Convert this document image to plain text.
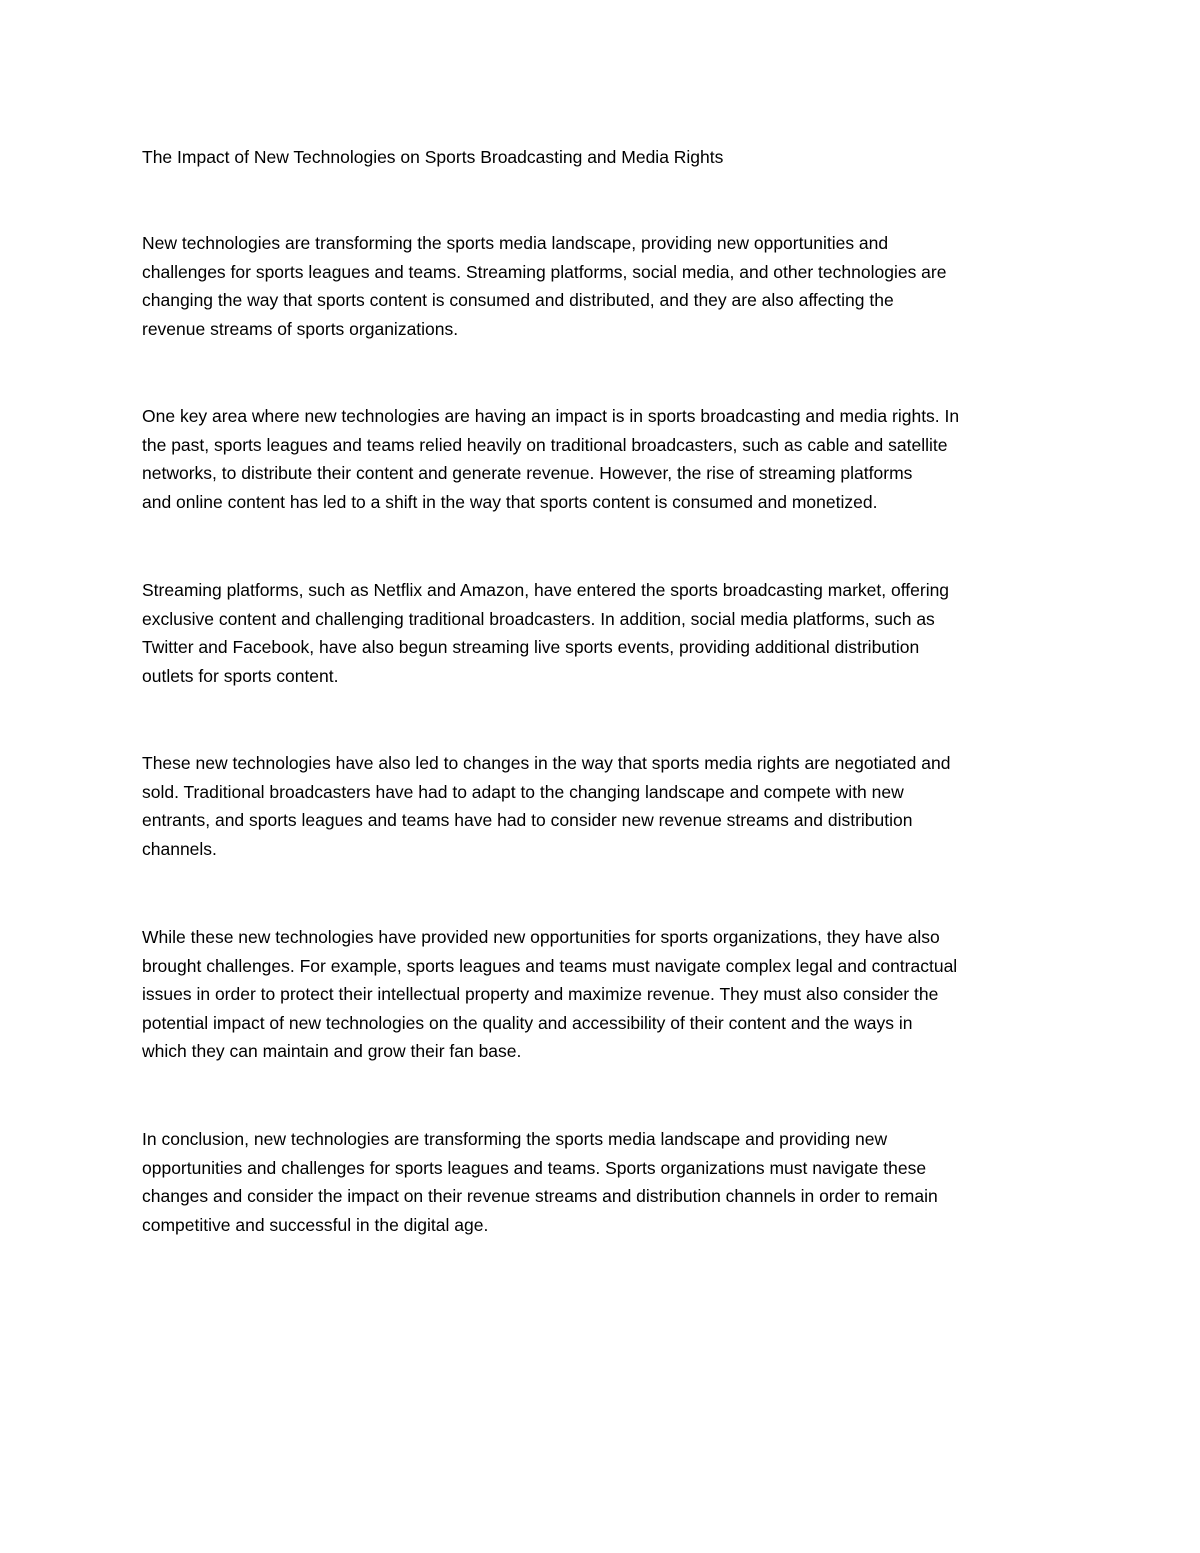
The Impact of New Technologies on Sports Broadcasting and Media Rights

New technologies are transforming the sports media landscape, providing new opportunities and
challenges for sports leagues and teams. Streaming platforms, social media, and other technologies are
changing the way that sports content is consumed and distributed, and they are also affecting the
revenue streams of sports organizations.

One key area where new technologies are having an impact is in sports broadcasting and media rights. In
the past, sports leagues and teams relied heavily on traditional broadcasters, such as cable and satellite
networks, to distribute their content and generate revenue. However, the rise of streaming platforms
and online content has led to a shift in the way that sports content is consumed and monetized.

Streaming platforms, such as Netflix and Amazon, have entered the sports broadcasting market, offering
exclusive content and challenging traditional broadcasters. In addition, social media platforms, such as
Twitter and Facebook, have also begun streaming live sports events, providing additional distribution
outlets for sports content.

These new technologies have also led to changes in the way that sports media rights are negotiated and
sold. Traditional broadcasters have had to adapt to the changing landscape and compete with new
entrants, and sports leagues and teams have had to consider new revenue streams and distribution
channels.

While these new technologies have provided new opportunities for sports organizations, they have also
brought challenges. For example, sports leagues and teams must navigate complex legal and contractual
issues in order to protect their intellectual property and maximize revenue. They must also consider the
potential impact of new technologies on the quality and accessibility of their content and the ways in
which they can maintain and grow their fan base.

In conclusion, new technologies are transforming the sports media landscape and providing new
opportunities and challenges for sports leagues and teams. Sports organizations must navigate these
changes and consider the impact on their revenue streams and distribution channels in order to remain
competitive and successful in the digital age.
